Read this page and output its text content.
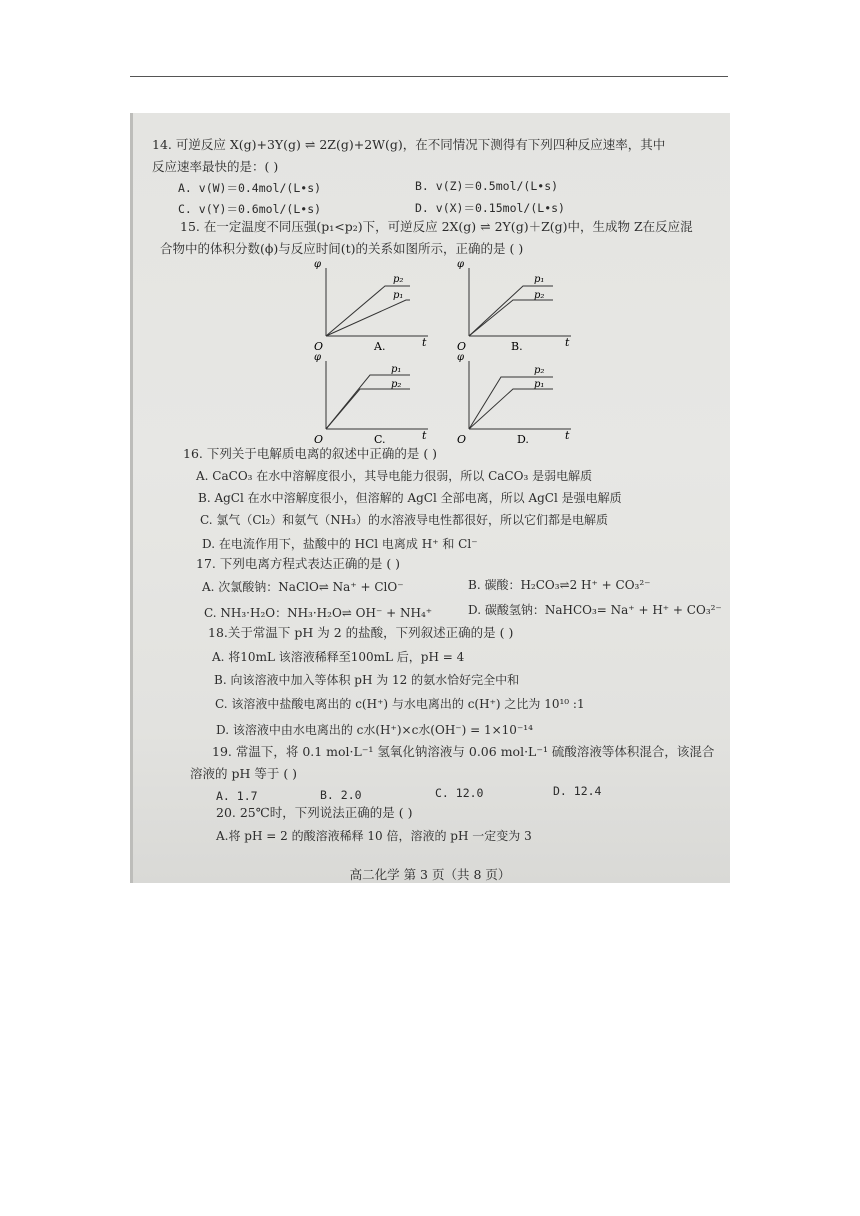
14. 可逆反应 X(g)+3Y(g) ⇌ 2Z(g)+2W(g)，在不同情况下测得有下列四种反应速率，其中
反应速率最快的是：( )
A. v(W)＝0.4mol/(L•s)	B. v(Z)＝0.5mol/(L•s)
C. v(Y)＝0.6mol/(L•s)	D. v(X)＝0.15mol/(L•s)
15. 在一定温度不同压强(p₁<p₂)下，可逆反应 2X(g) ⇌ 2Y(g)＋Z(g)中，生成物 Z在反应混
合物中的体积分数(ϕ)与反应时间(t)的关系如图所示，正确的是 ( )
φ
t
O
p₂
p₁
A.
φ
t
O
p₁
p₂
B.
φ
t
O
p₁
p₂
C.
φ
t
O
p₂
p₁
D.
16. 下列关于电解质电离的叙述中正确的是 ( )
A. CaCO₃ 在水中溶解度很小，其导电能力很弱，所以 CaCO₃ 是弱电解质
B. AgCl 在水中溶解度很小，但溶解的 AgCl 全部电离，所以 AgCl 是强电解质
C. 氯气（Cl₂）和氨气（NH₃）的水溶液导电性都很好，所以它们都是电解质
D. 在电流作用下，盐酸中的 HCl 电离成 H⁺ 和 Cl⁻
17. 下列电离方程式表达正确的是 ( )
A. 次氯酸钠：NaClO⇌ Na⁺ + ClO⁻	B. 碳酸：H₂CO₃⇌2 H⁺ + CO₃²⁻
C. NH₃·H₂O：NH₃·H₂O⇌ OH⁻ + NH₄⁺	D. 碳酸氢钠：NaHCO₃= Na⁺ + H⁺ + CO₃²⁻
18.关于常温下 pH 为 2 的盐酸，下列叙述正确的是 ( )
A. 将10mL 该溶液稀释至100mL 后，pH = 4
B. 向该溶液中加入等体积 pH 为 12 的氨水恰好完全中和
C. 该溶液中盐酸电离出的 c(H⁺) 与水电离出的 c(H⁺) 之比为 10¹⁰ :1
D. 该溶液中由水电离出的 c水(H⁺)×c水(OH⁻) = 1×10⁻¹⁴
19. 常温下，将 0.1 mol·L⁻¹ 氢氧化钠溶液与 0.06 mol·L⁻¹ 硫酸溶液等体积混合，该混合
溶液的 pH 等于 ( )
A. 1.7	B. 2.0	C. 12.0	D. 12.4
20. 25℃时，下列说法正确的是 ( )
A.将 pH = 2 的酸溶液稀释 10 倍，溶液的 pH 一定变为 3
高二化学 第 3 页（共 8 页）
